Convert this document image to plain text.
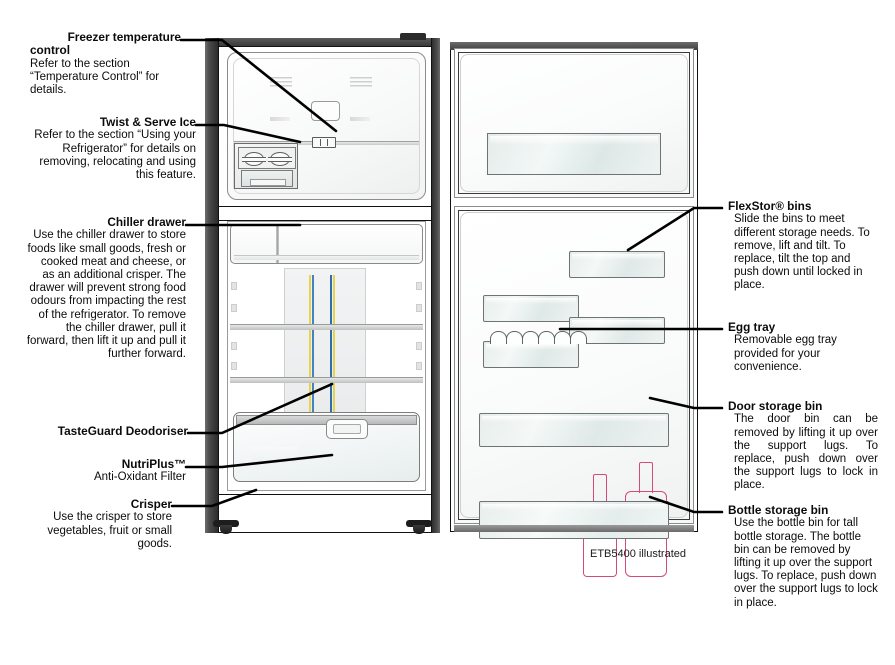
Freezer temperature
control
Refer to the section “Temperature Control” for details.
Twist & Serve Ice
Refer to the section “Using your Refrigerator” for details on removing, relocating and using this feature.
Chiller drawer
Use the chiller drawer to store foods like small goods, fresh or cooked meat and cheese, or as an additional crisper. The drawer will prevent strong food odours from impacting the rest of the refrigerator. To remove the chiller drawer, pull it forward, then lift it up and pull it further forward.
TasteGuard Deodoriser
NutriPlus™
Anti-Oxidant Filter
Crisper
Use the crisper to store vegetables, fruit or small goods.
FlexStor® bins
Slide the bins to meet different storage needs. To remove, lift and tilt. To replace, tilt the top and push down until locked in place.
Egg tray
Removable egg tray provided for your convenience.
Door storage bin
The door bin can be removed by lifting it up over the support lugs. To replace, push down over the support lugs to lock in place.
Bottle storage bin
Use the bottle bin for tall bottle storage. The bottle bin can be removed by lifting it up over the support lugs. To replace, push down over the support lugs to lock in place.
ETB5400 illustrated
